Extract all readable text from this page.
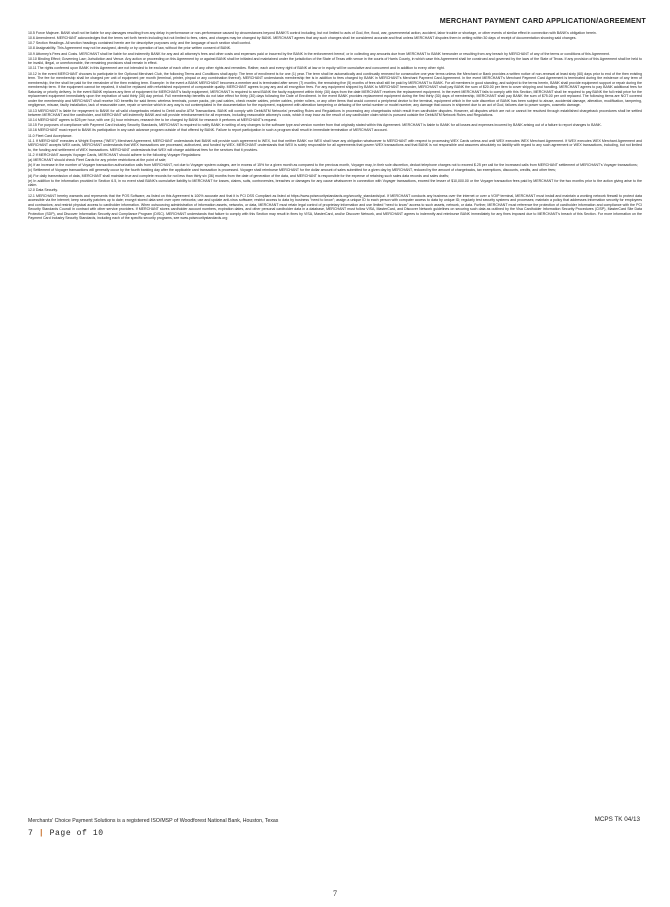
MERCHANT PAYMENT CARD APPLICATION/AGREEMENT

10.5 Force Majeure. BANK shall not be liable for any damages resulting from any delay in performance or non-performance caused by circumstances beyond BANK'S control including, but not limited to acts of God, fire, flood, war, governmental action, accident, labor trouble or shortage, or other events of similar effect in connection with BANK's obligation herein.

10.6 Amendment. MERCHANT acknowledges that the terms set forth herein including but not limited to fees, rates, and charges may be changed by BANK. MERCHANT agrees that any such changes shall be considered accurate and final unless MERCHANT disputes them in writing within 30 days of receipt of documentation showing said changes.

10.7 Section Headings. All section headings contained herein are for descriptive purposes only, and the language of such section shall control.

10.8 Assignability. This Agreement may not be assigned, directly or by operation of law, without the prior written consent of BANK.

10.9 Attorney's Fees and Costs. MERCHANT shall be liable for and indemnify BANK for any and all attorney's fees and other costs and expenses paid or incurred by the BANK in the enforcement hereof, or in collecting any amounts due from MERCHANT to BANK hereunder or resulting from any breach by MERCHANT of any of the terms or conditions of this Agreement.

10.10 Binding Effect; Governing Law; Jurisdiction and Venue. Any action or proceeding on this Agreement by or against BANK shall be initiated and maintained under the jurisdiction of the State of Texas with venue in the courts of Harris County, in which case this Agreement shall be construed and governed by the laws of the State of Texas. If any provision of this Agreement shall be held to be invalid, illegal, or unenforceable, the remaining provisions shall remain in effect.

10.11 The rights conferred upon BANK in this Agreement are not intended to be exclusive of each other or of any other rights and remedies. Rather, each and every right of BANK at law or in equity will be cumulative and concurrent and in addition to every other right.

10.12 In the event MERCHANT chooses to participate in the Optional Merchant Club, the following Terms and Conditions shall apply: The term of enrollment is for one (1) year. The term shall be automatically and continually renewed for consecutive one year terms unless the Merchant or Bank provides a written notice of non-renewal at least sixty (60) days prior to end of the then existing term. The fee for membership shall be charged per unit of equipment per month (terminal, printer, pinpad or any combination thereof). MERCHANT understands membership fee is in addition to fees charged by BANK in MERCHANT's Merchant Payment Card Agreement. In the event MERCHANT's Merchant Payment Card Agreement is terminated during the existence of any term of membership, the fee shall be paid for the remainder of the then existing term. Example: In the event a BANK MERCHANT becomes a member and is terminated after seven (7) months, the remaining five (5) months of fees shall still be paid by MERCHANT to BANK. For all members in good standing, and subject to the terms herein, BANK shall provide equipment support or repair during the membership term. If the equipment cannot be repaired, it shall be replaced with refurbished equipment of comparable quality. MERCHANT agrees to pay any and all encryption fees. For any equipment shipped by BANK to MERCHANT hereunder, MERCHANT shall pay BANK the sum of $20.00 per item to cover shipping and handling. MERCHANT agrees to pay BANK additional fees for Saturday or priority delivery. In the event BANK replaces any item of equipment for MERCHANT's faulty equipment, MERCHANT is required to send BANK the faulty equipment within thirty (30) days from the date MERCHANT receives the replacement equipment. In the event MERCHANT fails to comply with this Section, MERCHANT shall be required to pay BANK the full retail price for the replacement equipment immediately upon the expiration of said thirty (30) day period. Full membership benefits do not take effect for thirty (30) days following the Date of Enrollment. In the event BANK provides replacement equipment during the first thirty (30) days of membership, MERCHANT shall pay BANK the sum of $75.00 per unit replaced. The following items are NOT covered under the membership and MERCHANT shall receive NO benefits for said items: wireless terminals, power packs, pin pad cables, check reader cables, printer cables, printer rollers, or any other items that would connect a peripheral device to the terminal, equipment which in the sole discretion of BANK has been subject to abuse, accidental damage, alteration, modification, tampering, negligence, misuse, faulty installation, lack of reasonable care, repair or service which in any way is not contemplated in the documentation for the equipment, equipment with alteration tampering or defacing of the serial number or model number, any damage that occurs in shipment due to an act of God, failures due to power surges, cosmetic damage.

10.13 MERCHANT is liable for repayment to BANK for all valid chargebacks related to Debit and/or ATM Transactions. BANK will comply with Debit/ATM Networks' prevailing Rules and Regulations in processing any chargebacks which result from cardholder disputes. However, all disputes which are not or cannot be resolved through established chargeback procedures shall be settled between MERCHANT and the cardholder, and MERCHANT will indemnify BANK and will provide reimbursement for all expenses, including reasonable attorney's costs, which it may incur as the result of any cardholder claim which is pursued outside the Debit/ATM Network Rules and Regulations.

10.14 MERCHANT agrees to $25 per hour, with one (1) hour minimum, research fee to be charged by BANK for research it performs at MERCHANT's request.

10.15 For purposes of compliance with Payment Card Industry Security Standards, MERCHANT is required to notify BANK in writing of any changes to the software type and version number from that originally stated within this Agreement. MERCHANT is liable to BANK for all losses and expenses incurred by BANK arising out of a failure to report changes to BANK.

10.16 MERCHANT must report to BANK its participation in any cash advance program outside of that offered by BANK. Failure to report participation in such a program shall result in immediate termination of MERCHANT account.

11.0 Fleet Card Acceptance.

11.1 If MERCHANT executes a Wright Express ("WEX") Merchant Agreement, MERCHANT understands that BANK will provide such agreement to WEX, but that neither BANK nor WEX shall have any obligation whatsoever to MERCHANT with respect to processing WEX Cards unless and until WEX executes WEX Merchant Agreement. If WEX executes WEX Merchant Agreement and MERCHANT accepts WEX cards, MERCHANT understands that WEX transactions are processed, authorized, and funded by WEX. MERCHANT understands that WEX is solely responsible for all agreements that govern WEX transactions and that BANK is not responsible and assumes absolutely no liability with regard to any such agreement or WEX transactions, including, but not limited to, the funding and settlement of WEX transactions. MERCHANT understands that WEX will charge additional fees for the services that it provides.

11.2 If MERCHANT accepts Voyager Cards, MERCHANT should adhere to the following Voyager Regulations:

(a) MERCHANT should check Fleet Cards for any printer restrictions at the point of sale;

(b) If an increase in the number of Voyager transaction authorization calls from MERCHANT, not due to Voyager system outages, are in excess of 15% for a given month as compared to the previous month, Voyager may, in their sole discretion, deduct telephone charges not to exceed $.25 per call for the increased calls from MERCHANT settlement of MERCHANT's Voyager transactions;

(c) Settlement of Voyager transactions will generally occur by the fourth banking day after the applicable card transaction is processed. Voyager shall reimburse MERCHANT for the dollar amount of sales submitted for a given day by MERCHANT, reduced by the amount of chargebacks, tax exemptions, discounts, credits, and other fees;

(d) For daily transmission of data, MERCHANT shall maintain true and complete records for not less than thirty six (36) months from the date of generation of the data, and MERCHANT is responsible for the expense of retaining such sales data records and sales drafts;

(e) In addition to the information provided in Section 6.5, in no event shall BANK's cumulative liability to MERCHANT for losses, claims, suits, controversies, breaches or damages for any cause whatsoever in connection with Voyager transactions, exceed the lesser of $10,000.00 or the Voyager transaction fees paid by MERCHANT for the two months prior to the action giving arise to the claim.

12.0 Data Security.

12.1 MERCHANT hereby warrants and represents that the POS Software, as listed on this Agreement is 100% accurate and that it is PCI DSS Compliant as listed at https://www.pcisecuritystandards.org/security_standards/pa/. If MERCHANT conducts any business over the internet or over a VOIP terminal, MERCHANT must install and maintain a working network firewall to protect data accessible via the internet; keep security patches up to date; encrypt stored data sent over open networks; use and update anti-virus software; restrict access to data by business "need to know"; assign a unique ID to each person with computer access to data by unique ID; regularly test security systems and processes; maintain a policy that addresses information security for employees and contractors; and restrict physical access to cardholder information. When outsourcing administration of information assets, networks, or data, MERCHANT must retain legal control of proprietary information and use limited "need to know" access to such assets, network, or data. Further, MERCHANT must reference the protection of cardholder information and compliance with the PCI Security Standards Council in contract with other service providers. If MERCHANT stores cardholder account numbers, expiration dates, and other personal cardholder data in a database, MERCHANT must follow VISA, MasterCard, and Discover Network guidelines on securing such data as outlined by the Visa Cardholder Information Security Procedures (CISP), MasterCard Site Data Protection (SDP), and Discover Information Security and Compliance Program (DISC). MERCHANT understands that failure to comply with this Section may result in fines by VISA, MasterCard, and/or Discover Network, and MERCHANT agrees to indemnify and reimburse BANK immediately for any fines imposed due to MERCHANT's breach of this Section. For more information on the Payment Card Industry Security Standards, including each of the specific security programs, see www.pcisecuritystandards.org

Merchants' Choice Payment Solutions is a registered ISO/MSP of Woodforest National Bank, Houston, Texas	MCPS TK 04/13
7 | Page of 10
7
